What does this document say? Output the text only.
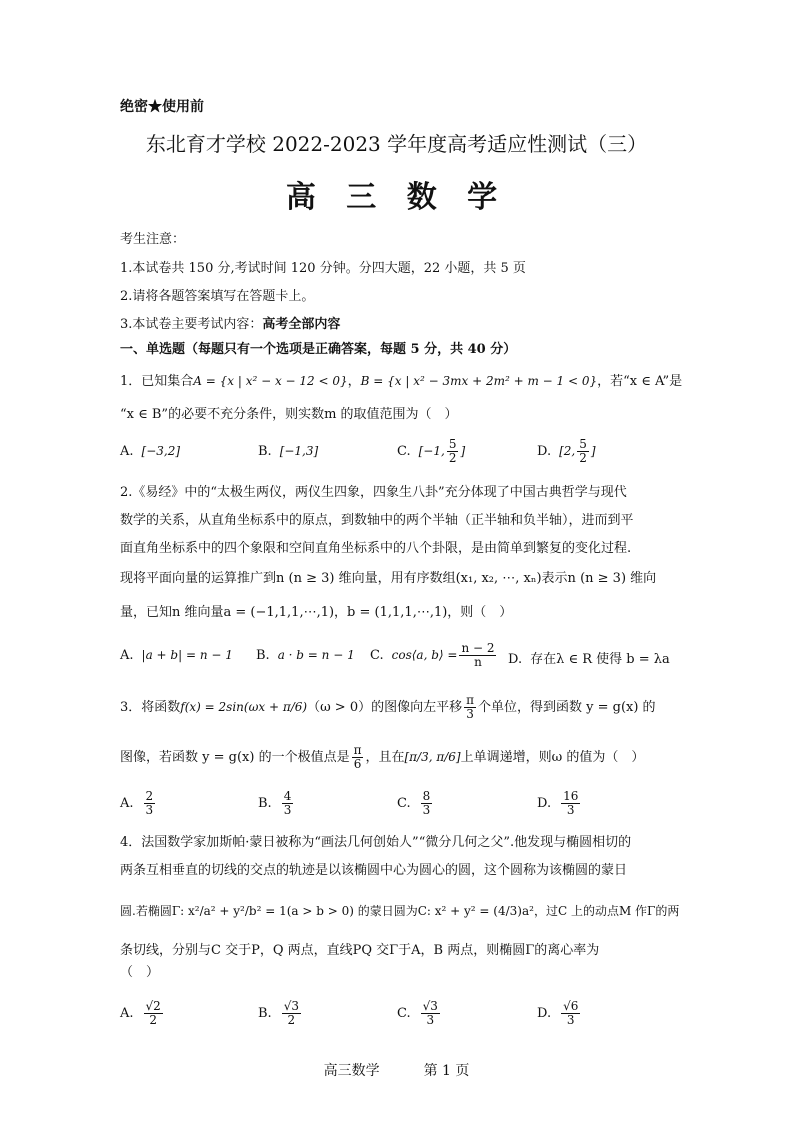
绝密★使用前
东北育才学校 2022-2023 学年度高考适应性测试（三）
高 三 数 学
考生注意：
1.本试卷共 150 分,考试时间 120 分钟。分四大题，22 小题，共 5 页
2.请将各题答案填写在答题卡上。
3.本试卷主要考试内容：高考全部内容
一、单选题（每题只有一个选项是正确答案，每题 5 分，共 40 分）
1．已知集合A = {x | x² − x − 12 < 0}，B = {x | x² − 3mx + 2m² + m − 1 < 0}，若“x ∈ A”是
“x ∈ B”的必要不充分条件，则实数m 的取值范围为（　）
A. [−3,2]	B. [−1,3]	C. [−1, $\frac{5}{2}$ ]	D. [2, $\frac{5}{2}$ ]
2.《易经》中的“太极生两仪，两仪生四象，四象生八卦”充分体现了中国古典哲学与现代
数学的关系，从直角坐标系中的原点，到数轴中的两个半轴（正半轴和负半轴），进而到平
面直角坐标系中的四个象限和空间直角坐标系中的八个卦限，是由简单到繁复的变化过程.
现将平面向量的运算推广到n (n ≥ 3) 维向量，用有序数组(x₁, x₂, ⋯, xₙ)表示n (n ≥ 3) 维向
量，已知n 维向量a = (−1,1,1,⋯,1)，b = (1,1,1,⋯,1)，则（　）
A. |a + b| = n − 1 B. a · b = n − 1 C. cos⟨a, b⟩ = $\frac{n - 2}{n} D$. 存在λ ∈ R 使得 b = λa
3．将函数f(x) = 2sin(ωx + π/6)（ω > 0）的图像向左平移 $\frac{\pi}{3}$ 个单位，得到函数 y = g(x) 的
图像，若函数 y = g(x) 的一个极值点是 $\frac{\pi}{6}$ ，且在[π/3, π/6]上单调递增，则ω 的值为（　）
A. $\frac{2}{3}$	B. $\frac{4}{3}$	C. $\frac{8}{3}$	D. $\frac{16}{3}$
4．法国数学家加斯帕·蒙日被称为“画法几何创始人”“微分几何之父”.他发现与椭圆相切的
两条互相垂直的切线的交点的轨迹是以该椭圆中心为圆心的圆，这个圆称为该椭圆的蒙日
圆.若椭圆Γ: x²/a² + y²/b² = 1(a > b > 0) 的蒙日圆为C: x² + y² = (4/3)a²，过C 上的动点M 作Γ的两
条切线，分别与C 交于P，Q 两点，直线PQ 交Γ于A，B 两点，则椭圆Γ的离心率为
（　）
A. $\frac{√2}{2}$	B. $\frac{√3}{2}$	C. $\frac{√3}{3}$	D. $\frac{√6}{3}$
高三数学	第 1 页
